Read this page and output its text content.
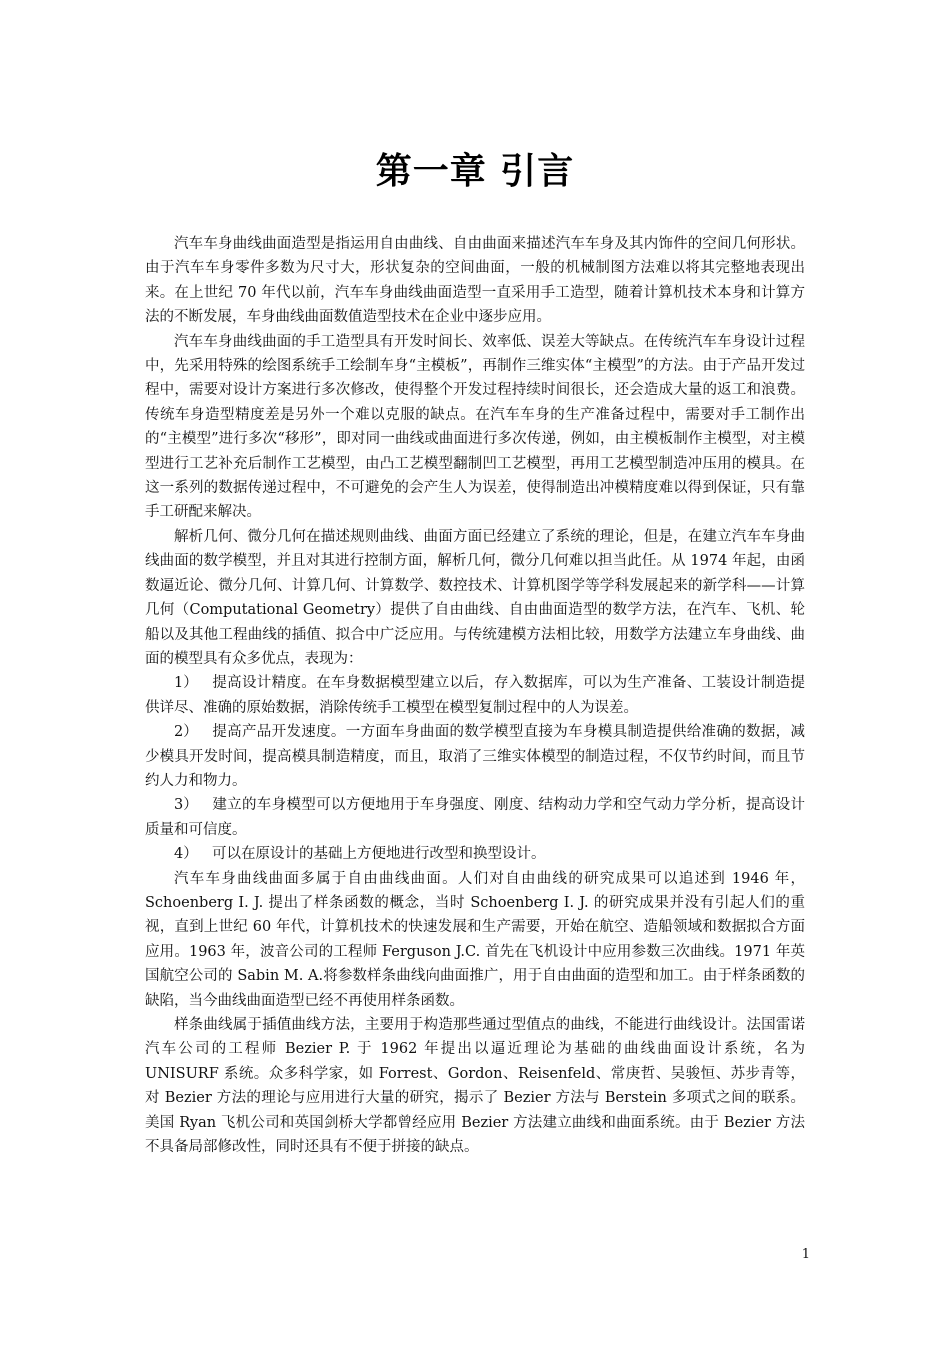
第一章 引言

汽车车身曲线曲面造型是指运用自由曲线、自由曲面来描述汽车车身及其内饰件的空间几何形状。由于汽车车身零件多数为尺寸大，形状复杂的空间曲面，一般的机械制图方法难以将其完整地表现出来。在上世纪 70 年代以前，汽车车身曲线曲面造型一直采用手工造型，随着计算机技术本身和计算方法的不断发展，车身曲线曲面数值造型技术在企业中逐步应用。

汽车车身曲线曲面的手工造型具有开发时间长、效率低、误差大等缺点。在传统汽车车身设计过程中，先采用特殊的绘图系统手工绘制车身“主模板”，再制作三维实体“主模型”的方法。由于产品开发过程中，需要对设计方案进行多次修改，使得整个开发过程持续时间很长，还会造成大量的返工和浪费。传统车身造型精度差是另外一个难以克服的缺点。在汽车车身的生产准备过程中，需要对手工制作出的“主模型”进行多次“移形”，即对同一曲线或曲面进行多次传递，例如，由主模板制作主模型，对主模型进行工艺补充后制作工艺模型，由凸工艺模型翻制凹工艺模型，再用工艺模型制造冲压用的模具。在这一系列的数据传递过程中，不可避免的会产生人为误差，使得制造出冲模精度难以得到保证，只有靠手工研配来解决。

解析几何、微分几何在描述规则曲线、曲面方面已经建立了系统的理论，但是，在建立汽车车身曲线曲面的数学模型，并且对其进行控制方面，解析几何，微分几何难以担当此任。从 1974 年起，由函数逼近论、微分几何、计算几何、计算数学、数控技术、计算机图学等学科发展起来的新学科——计算几何（Computational Geometry）提供了自由曲线、自由曲面造型的数学方法，在汽车、飞机、轮船以及其他工程曲线的插值、拟合中广泛应用。与传统建模方法相比较，用数学方法建立车身曲线、曲面的模型具有众多优点，表现为：

1） 提高设计精度。在车身数据模型建立以后，存入数据库，可以为生产准备、工装设计制造提供详尽、准确的原始数据，消除传统手工模型在模型复制过程中的人为误差。

2） 提高产品开发速度。一方面车身曲面的数学模型直接为车身模具制造提供给准确的数据，减少模具开发时间，提高模具制造精度，而且，取消了三维实体模型的制造过程，不仅节约时间，而且节约人力和物力。

3） 建立的车身模型可以方便地用于车身强度、刚度、结构动力学和空气动力学分析，提高设计质量和可信度。

4） 可以在原设计的基础上方便地进行改型和换型设计。

汽车车身曲线曲面多属于自由曲线曲面。人们对自由曲线的研究成果可以追述到 1946 年，Schoenberg I. J. 提出了样条函数的概念，当时 Schoenberg I. J. 的研究成果并没有引起人们的重视，直到上世纪 60 年代，计算机技术的快速发展和生产需要，开始在航空、造船领域和数据拟合方面应用。1963 年，波音公司的工程师 Ferguson J.C. 首先在飞机设计中应用参数三次曲线。1971 年英国航空公司的 Sabin M. A.将参数样条曲线向曲面推广，用于自由曲面的造型和加工。由于样条函数的缺陷，当今曲线曲面造型已经不再使用样条函数。

样条曲线属于插值曲线方法，主要用于构造那些通过型值点的曲线，不能进行曲线设计。法国雷诺汽车公司的工程师 Bezier P. 于 1962 年提出以逼近理论为基础的曲线曲面设计系统，名为 UNISURF 系统。众多科学家，如 Forrest、Gordon、Reisenfeld、常庚哲、吴骏恒、苏步青等，对 Bezier 方法的理论与应用进行大量的研究，揭示了 Bezier 方法与 Berstein 多项式之间的联系。美国 Ryan 飞机公司和英国剑桥大学都曾经应用 Bezier 方法建立曲线和曲面系统。由于 Bezier 方法不具备局部修改性，同时还具有不便于拼接的缺点。

1
